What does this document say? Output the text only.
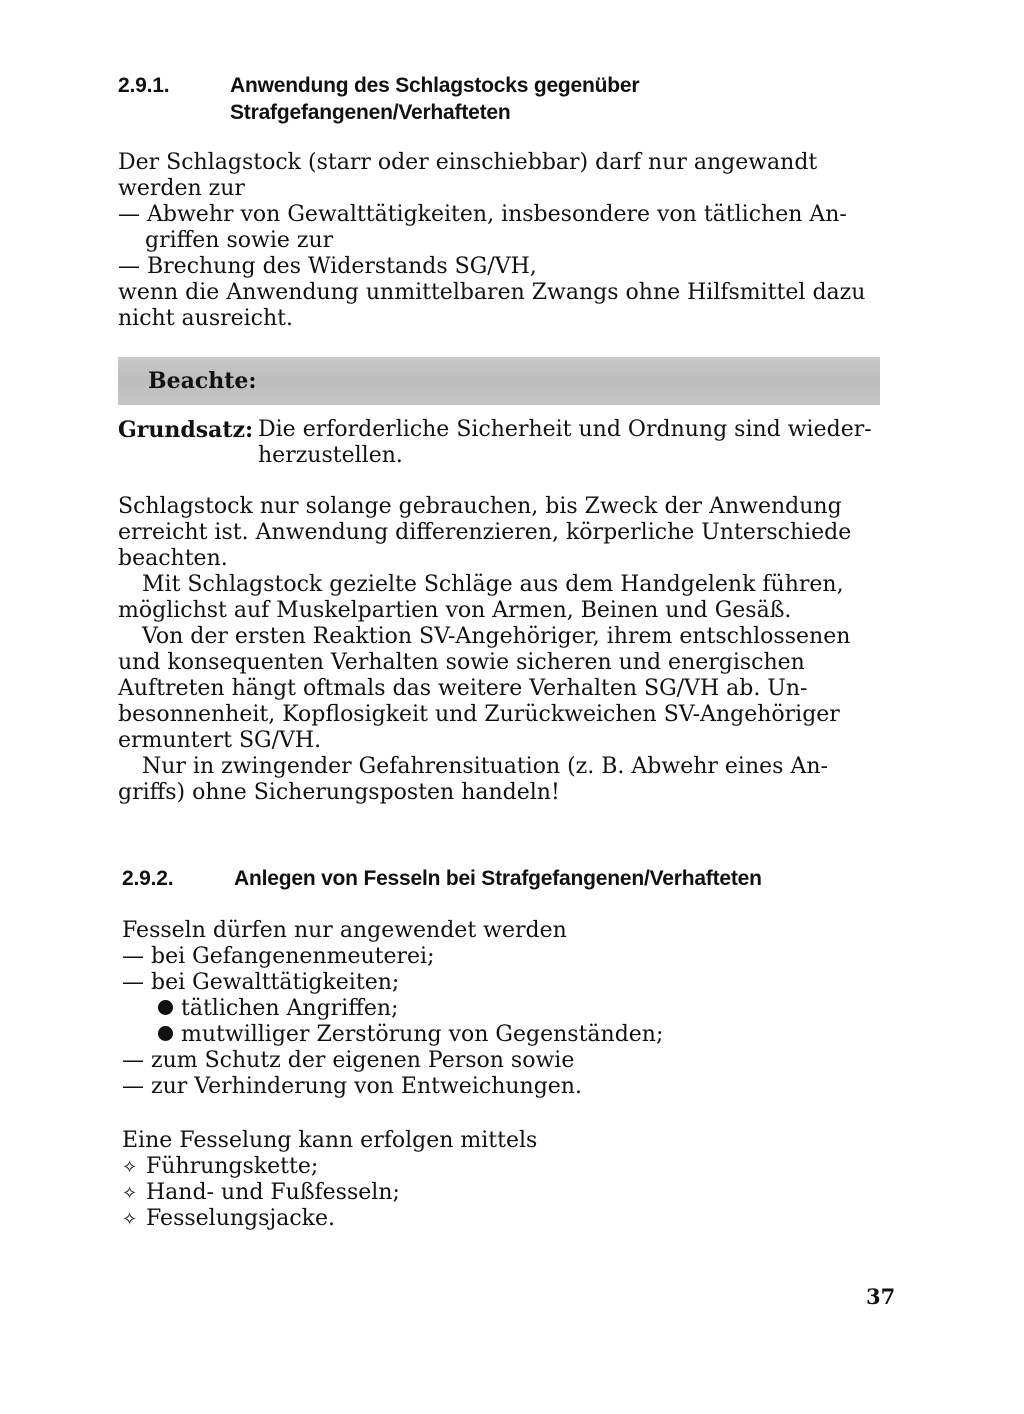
2.9.1.	Anwendung des Schlagstocks gegenüber
Strafgefangenen/Verhafteten
Der Schlagstock (starr oder einschiebbar) darf nur angewandt
werden zur
— Abwehr von Gewalttätigkeiten, insbesondere von tätlichen An-
griffen sowie zur
— Brechung des Widerstands SG/VH,
wenn die Anwendung unmittelbaren Zwangs ohne Hilfsmittel dazu
nicht ausreicht.
Beachte:
Grundsatz: Die erforderliche Sicherheit und Ordnung sind wieder-
herzustellen.
Schlagstock nur solange gebrauchen, bis Zweck der Anwendung
erreicht ist. Anwendung differenzieren, körperliche Unterschiede
beachten.
Mit Schlagstock gezielte Schläge aus dem Handgelenk führen,
möglichst auf Muskelpartien von Armen, Beinen und Gesäß.
Von der ersten Reaktion SV-Angehöriger, ihrem entschlossenen
und konsequenten Verhalten sowie sicheren und energischen
Auftreten hängt oftmals das weitere Verhalten SG/VH ab. Un-
besonnenheit, Kopflosigkeit und Zurückweichen SV-Angehöriger
ermuntert SG/VH.
Nur in zwingender Gefahrensituation (z. B. Abwehr eines An-
griffs) ohne Sicherungsposten handeln!
2.9.2.	Anlegen von Fesseln bei Strafgefangenen/Verhafteten
Fesseln dürfen nur angewendet werden
— bei Gefangenenmeuterei;
— bei Gewalttätigkeiten;
tätlichen Angriffen;
mutwilliger Zerstörung von Gegenständen;
— zum Schutz der eigenen Person sowie
— zur Verhinderung von Entweichungen.
Eine Fesselung kann erfolgen mittels
✧ Führungskette;
✧ Hand- und Fußfesseln;
✧ Fesselungsjacke.
37
